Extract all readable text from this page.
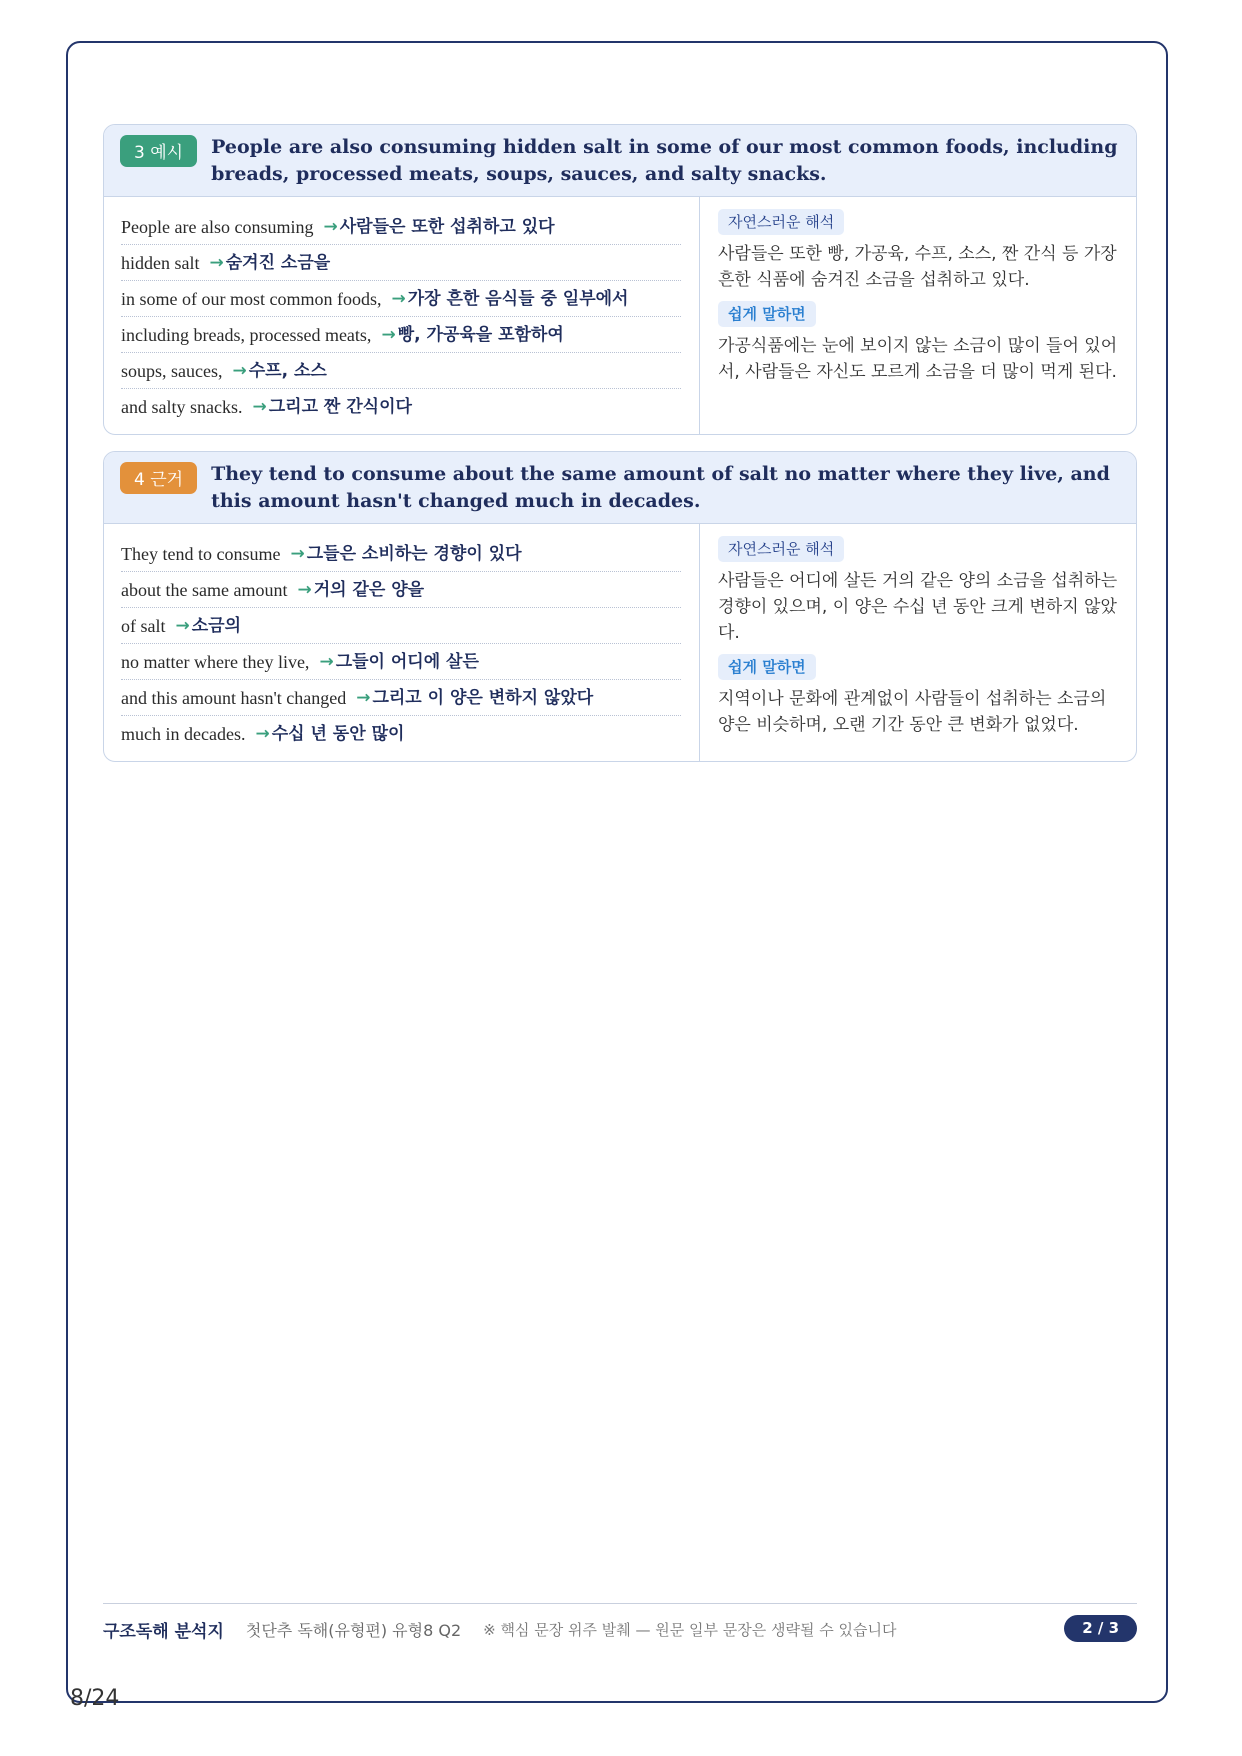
3 예시	People are also consuming hidden salt in some of our most common foods, including breads, processed meats, soups, sauces, and salty snacks.
People are also consuming → 사람들은 또한 섭취하고 있다
hidden salt → 숨겨진 소금을
in some of our most common foods, → 가장 흔한 음식들 중 일부에서
including breads, processed meats, → 빵, 가공육을 포함하여
soups, sauces, → 수프, 소스
and salty snacks. → 그리고 짠 간식이다
자연스러운 해석

사람들은 또한 빵, 가공육, 수프, 소스, 짠 간식 등 가장 흔한 식품에 숨겨진 소금을 섭취하고 있다.

쉽게 말하면

가공식품에는 눈에 보이지 않는 소금이 많이 들어 있어서, 사람들은 자신도 모르게 소금을 더 많이 먹게 된다.

4 근거	They tend to consume about the same amount of salt no matter where they live, and this amount hasn't changed much in decades.
They tend to consume → 그들은 소비하는 경향이 있다
about the same amount → 거의 같은 양을
of salt → 소금의
no matter where they live, → 그들이 어디에 살든
and this amount hasn't changed → 그리고 이 양은 변하지 않았다
much in decades. → 수십 년 동안 많이
자연스러운 해석

사람들은 어디에 살든 거의 같은 양의 소금을 섭취하는 경향이 있으며, 이 양은 수십 년 동안 크게 변하지 않았다.

쉽게 말하면

지역이나 문화에 관계없이 사람들이 섭취하는 소금의 양은 비슷하며, 오랜 기간 동안 큰 변화가 없었다.

구조독해 분석지 첫단추 독해(유형편) 유형8 Q2 ※ 핵심 문장 위주 발췌 — 원문 일부 문장은 생략될 수 있습니다	2 / 3
8/24
